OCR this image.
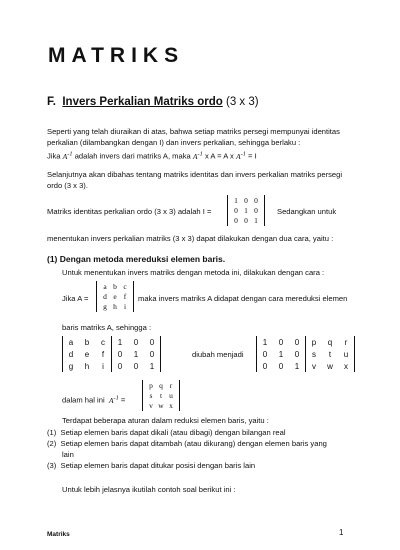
MATRIKS
F. Invers Perkalian Matriks ordo (3 x 3)
Seperti yang telah diuraikan di atas, bahwa setiap matriks persegi mempunyai identitas
perkalian (dilambangkan dengan I) dan invers perkalian, sehingga berlaku :
Jika $A^{-1}$ adalah invers dari matriks A, maka $A^{-1}$ x A = A x $A^{-1} = I$
Selanjutnya akan dibahas tentang matriks identitas dan invers perkalian matriks persegi
ordo (3 x 3).
Matriks identitas perkalian ordo (3 x 3) adalah I =
1	0	0
0	1	0
0	0	1
Sedangkan untuk
menentukan invers perkalian matriks (3 x 3) dapat dilakukan dengan dua cara, yaitu :
(1) Dengan metoda mereduksi elemen baris.
Untuk menentukan invers matriks dengan metoda ini, dilakukan dengan cara :
Jika A =
a	b	c
d	e	f
g	h	i
maka invers matriks A didapat dengan cara mereduksi elemen
baris matriks A, sehingga :
a	b	c	1	0	0
d	e	f	0	1	0
g	h	i	0	0	1
diubah menjadi
1	0	0	p	q	r
0	1	0	s	t	u
0	0	1	v	w	x
dalam hal ini $A^{-1}$ =
p	q	r
s	t	u
v	w	x
Terdapat beberapa aturan dalam reduksi elemen baris, yaitu :
(1) Setiap elemen baris dapat dikali (atau dibagi) dengan bilangan real
(2) Setiap elemen baris dapat ditambah (atau dikurang) dengan elemen baris yang
lain
(3) Setiap elemen baris dapat ditukar posisi dengan baris lain
Untuk lebih jelasnya ikutilah contoh soal berikut ini :
Matriks	1
